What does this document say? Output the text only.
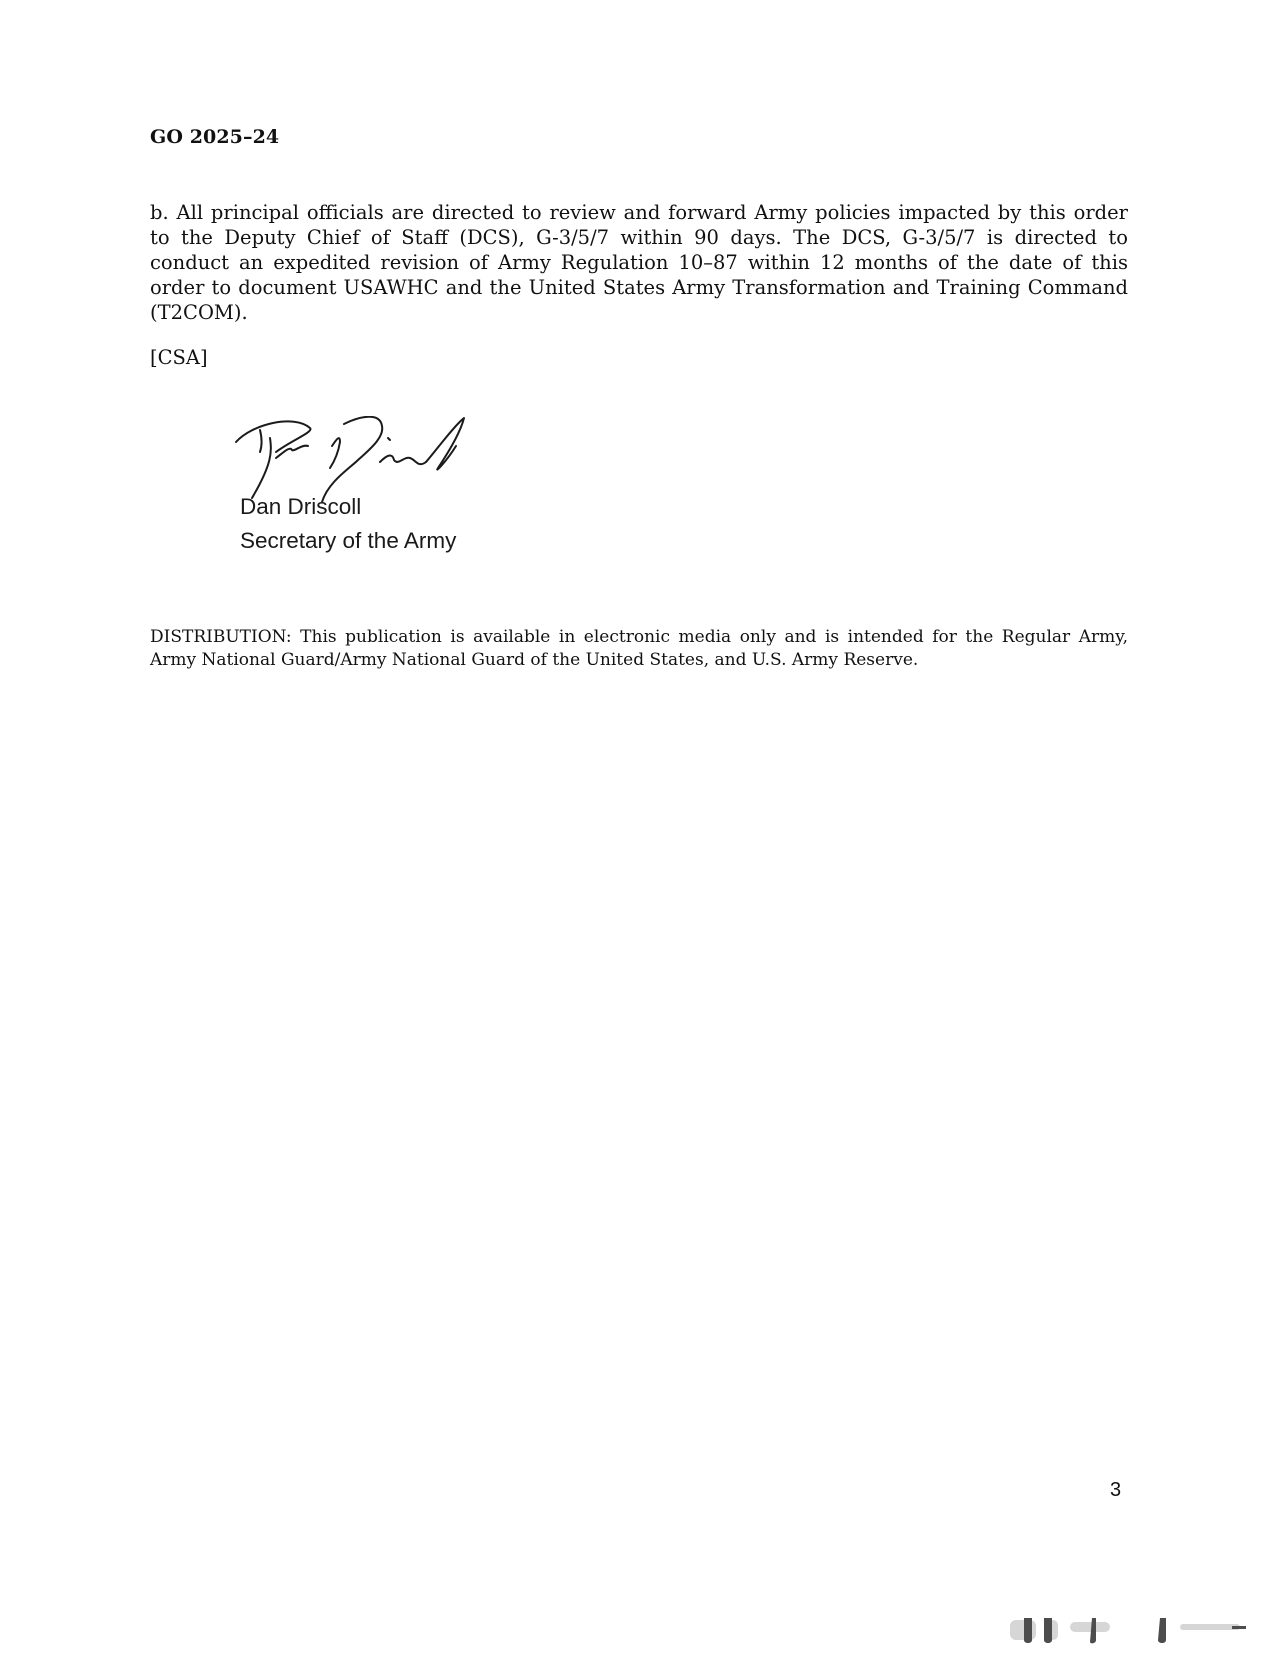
GO 2025–24
b. All principal officials are directed to review and forward Army policies impacted by this order to the Deputy Chief of Staff (DCS), G-3/5/7 within 90 days. The DCS, G-3/5/7 is directed to conduct an expedited revision of Army Regulation 10–87 within 12 months of the date of this order to document USAWHC and the United States Army Transformation and Training Command (T2COM).
[CSA]
Dan Driscoll
Secretary of the Army
DISTRIBUTION: This publication is available in electronic media only and is intended for the Regular Army, Army National Guard/Army National Guard of the United States, and U.S. Army Reserve.
3
